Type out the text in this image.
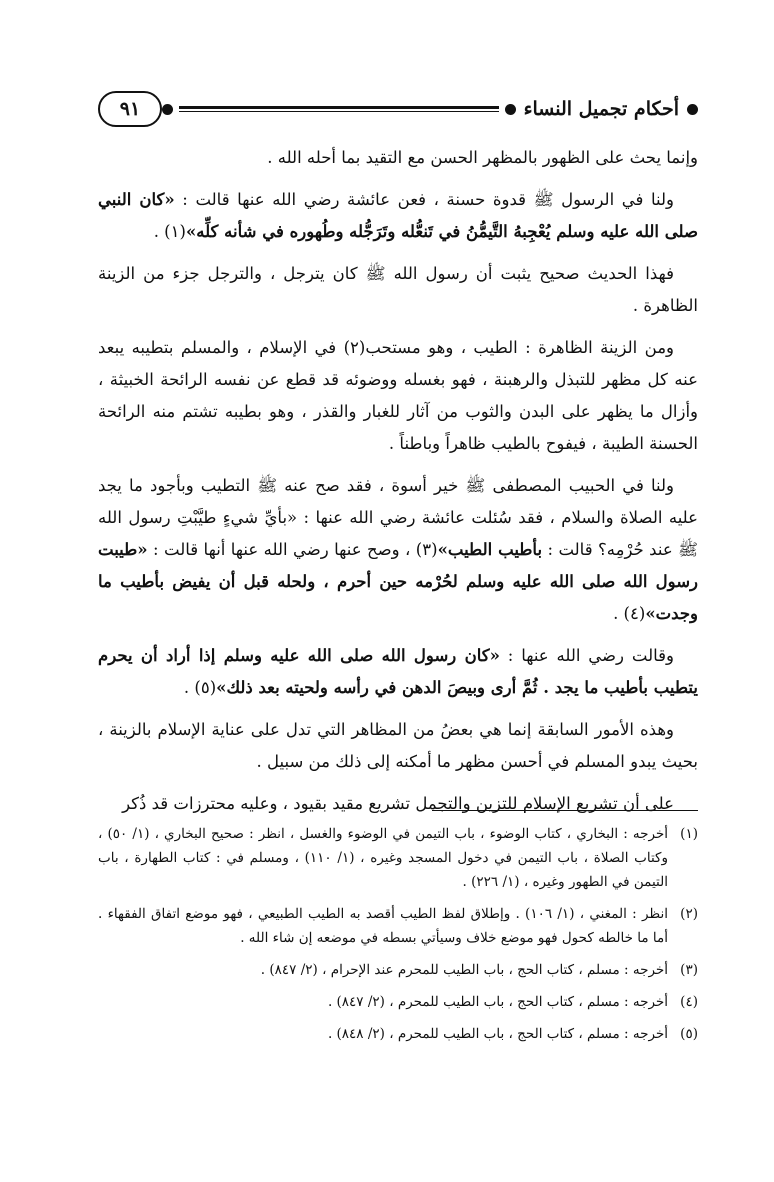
أحكام تجميل النساء
٩١

وإنما يحث على الظهور بالمظهر الحسن مع التقيد بما أحله الله .

ولنا في الرسول ﷺ قدوة حسنة ، فعن عائشة رضي الله عنها قالت : «كان النبي صلى الله عليه وسلم يُعْجِبهُ التَّيمُّنُ في تَنعُّله وتَرَجُّله وطُهوره في شأنه كلِّه»(١) .

فهذا الحديث صحيح يثبت أن رسول الله ﷺ كان يترجل ، والترجل جزء من الزينة الظاهرة .

ومن الزينة الظاهرة : الطيب ، وهو مستحب(٢) في الإسلام ، والمسلم بتطيبه يبعد عنه كل مظهر للتبذل والرهبنة ، فهو بغسله ووضوئه قد قطع عن نفسه الرائحة الخبيثة ، وأزال ما يظهر على البدن والثوب من آثار للغبار والقذر ، وهو بطيبه تشتم منه الرائحة الحسنة الطيبة ، فيفوح بالطيب ظاهراً وباطناً .

ولنا في الحبيب المصطفى ﷺ خير أسوة ، فقد صح عنه ﷺ التطيب وبأجود ما يجد عليه الصلاة والسلام ، فقد سُئلت عائشة رضي الله عنها : «بأيِّ شيءٍ طيَّبْتِ رسول الله ﷺ عند حُرْمِه؟ قالت : بأطيب الطيب»(٣) ، وصح عنها رضي الله عنها أنها قالت : «طيبت رسول الله صلى الله عليه وسلم لحُرْمه حين أحرم ، ولحله قبل أن يفيض بأطيب ما وجدت»(٤) .

وقالت رضي الله عنها : «كان رسول الله صلى الله عليه وسلم إذا أراد أن يحرم يتطيب بأطيب ما يجد . ثُمَّ أرى وبيصَ الدهن في رأسه ولحيته بعد ذلك»(٥) .

وهذه الأمور السابقة إنما هي بعضُ من المظاهر التي تدل على عناية الإسلام بالزينة ، بحيث يبدو المسلم في أحسن مظهر ما أمكنه إلى ذلك من سبيل .

على أن تشريع الإسلام للتزين والتجمل تشريع مقيد بقيود ، وعليه محترزات قد ذُكر

(١)
أخرجه : البخاري ، كتاب الوضوء ، باب التيمن في الوضوء والغسل ، انظر : صحيح البخاري ، (١/ ٥٠) ، وكتاب الصلاة ، باب التيمن في دخول المسجد وغيره ، (١/ ١١٠) ، ومسلم في : كتاب الطهارة ، باب التيمن في الطهور وغيره ، (١/ ٢٢٦) .
(٢)
انظر : المغني ، (١/ ١٠٦) . وإطلاق لفظ الطيب أقصد به الطيب الطبيعي ، فهو موضع اتفاق الفقهاء . أما ما خالطه كحول فهو موضع خلاف وسيأتي بسطه في موضعه إن شاء الله .
(٣)
أخرجه : مسلم ، كتاب الحج ، باب الطيب للمحرم عند الإحرام ، (٢/ ٨٤٧) .
(٤)
أخرجه : مسلم ، كتاب الحج ، باب الطيب للمحرم ، (٢/ ٨٤٧) .
(٥)
أخرجه : مسلم ، كتاب الحج ، باب الطيب للمحرم ، (٢/ ٨٤٨) .
